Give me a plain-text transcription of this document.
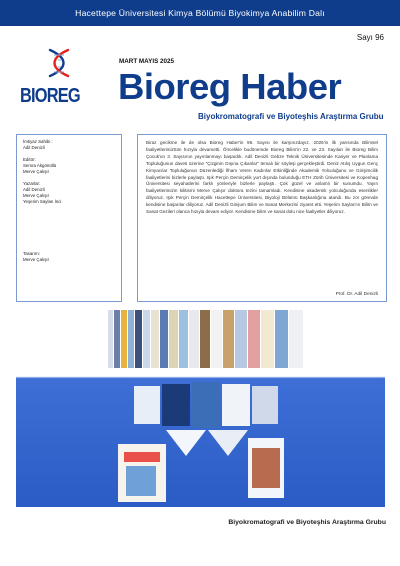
Hacettepe Üniversitesi Kimya Bölümü Biyokimya Anabilim Dalı
Sayı 96
BIOREG
MART MAYIS 2025
Bioreg Haber
Biyokromatografi ve Biyoteşhis Araştırma Grubu
İmtiyaz Sahibi :
Adil Denizli
Editör:
Semra Akgönüllü
Merve Çalışır
Yazarlar:
Adil Denizli
Merve Çalışır
Yeşerim Saylan İnci
Tasarım:
Merve Çalışır
Biraz gecikme ile de olsa Bioreg Haber'in 96. Sayısı ile karşınızdayız. 2025'in ilk yarısında Bilimsel faaliyetlerimiztüm hızıyla devametti. Öncelikle budönemde Bioreg Bilim'in 22. ve 23. Sayıları ile Bioreg Bilim Çocuk'un 3. Sayısının yayınlanmayı başardık. Adil Denizli Gebze Teknik Üniversitesinde Kariyer ve Planlama Topluluğunun daveti üzerine "Çizginin Dışına Çıkanlar" temalı bir söyleşi gerçekleştirdi. Deniz Atılış Uygun Genç Kimyacılar Topluluğunun Düzenlediği İlham Veren Kadınlar Etkinliğinde Akademik Yolculuğunu ve Girişimcilik faaliyetlerini bizlerle paylaştı. Işık Perçin Demirçelik yurt dışında bulunduğu ETH Zürih Üniversitesi ve Kopenhag Üniversitesi seyahatlerini farklı yönleriyle bizlerle paylaştı. Çok güzel ve anlamlı bir sunumdu. Yayın faaliyetlerimizin kilitismi Merve Çalışır doktora tezini tamamladı. Kendisine akademik yolculuğunda esenlikler diliyoruz. Işık Perçin Demirçelik Hacettepe Üniversitesi, Biyoloji Bölümü Başkanlığına atandı. Bu zor görevde kendisine başarılar diliyoruz. Adil Denizli Girişum Bilim ve Sanat Merkezini ziyaret etti. Yeşerim Saylan'ın Bilim ve Sanat Gezileri olanca hızıyla devam ediyor. Kendisine bilim ve sanat dolu nice faaliyetler diliyoruz.
Prof. Dr. Adil Denizli
Biyokromatografi ve Biyoteşhis Araştırma Grubu
